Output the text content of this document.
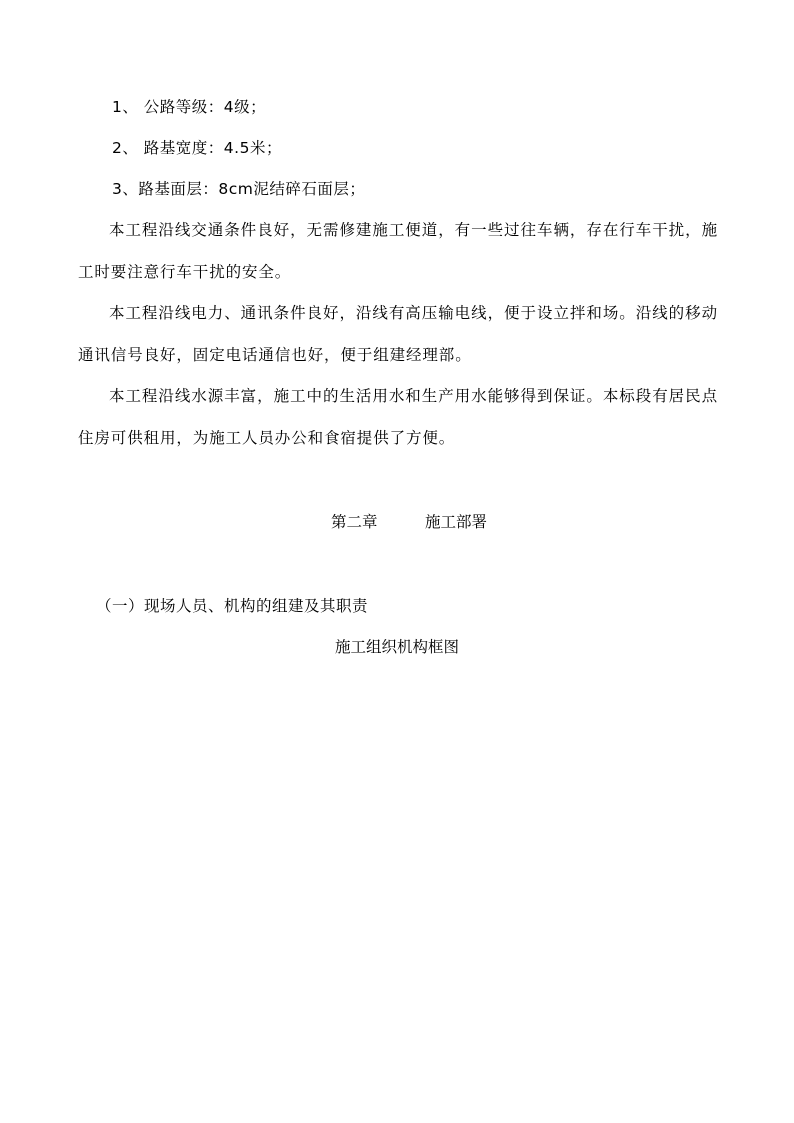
1、 公路等级：4级；
2、 路基宽度：4.5米；
3、路基面层：8cm泥结碎石面层；
本工程沿线交通条件良好，无需修建施工便道，有一些过往车辆，存在行车干扰，施工时要注意行车干扰的安全。
本工程沿线电力、通讯条件良好，沿线有高压输电线，便于设立拌和场。沿线的移动通讯信号良好，固定电话通信也好，便于组建经理部。
本工程沿线水源丰富，施工中的生活用水和生产用水能够得到保证。本标段有居民点住房可供租用，为施工人员办公和食宿提供了方便。
第二章	施工部署
（一）现场人员、机构的组建及其职责
施工组织机构框图
